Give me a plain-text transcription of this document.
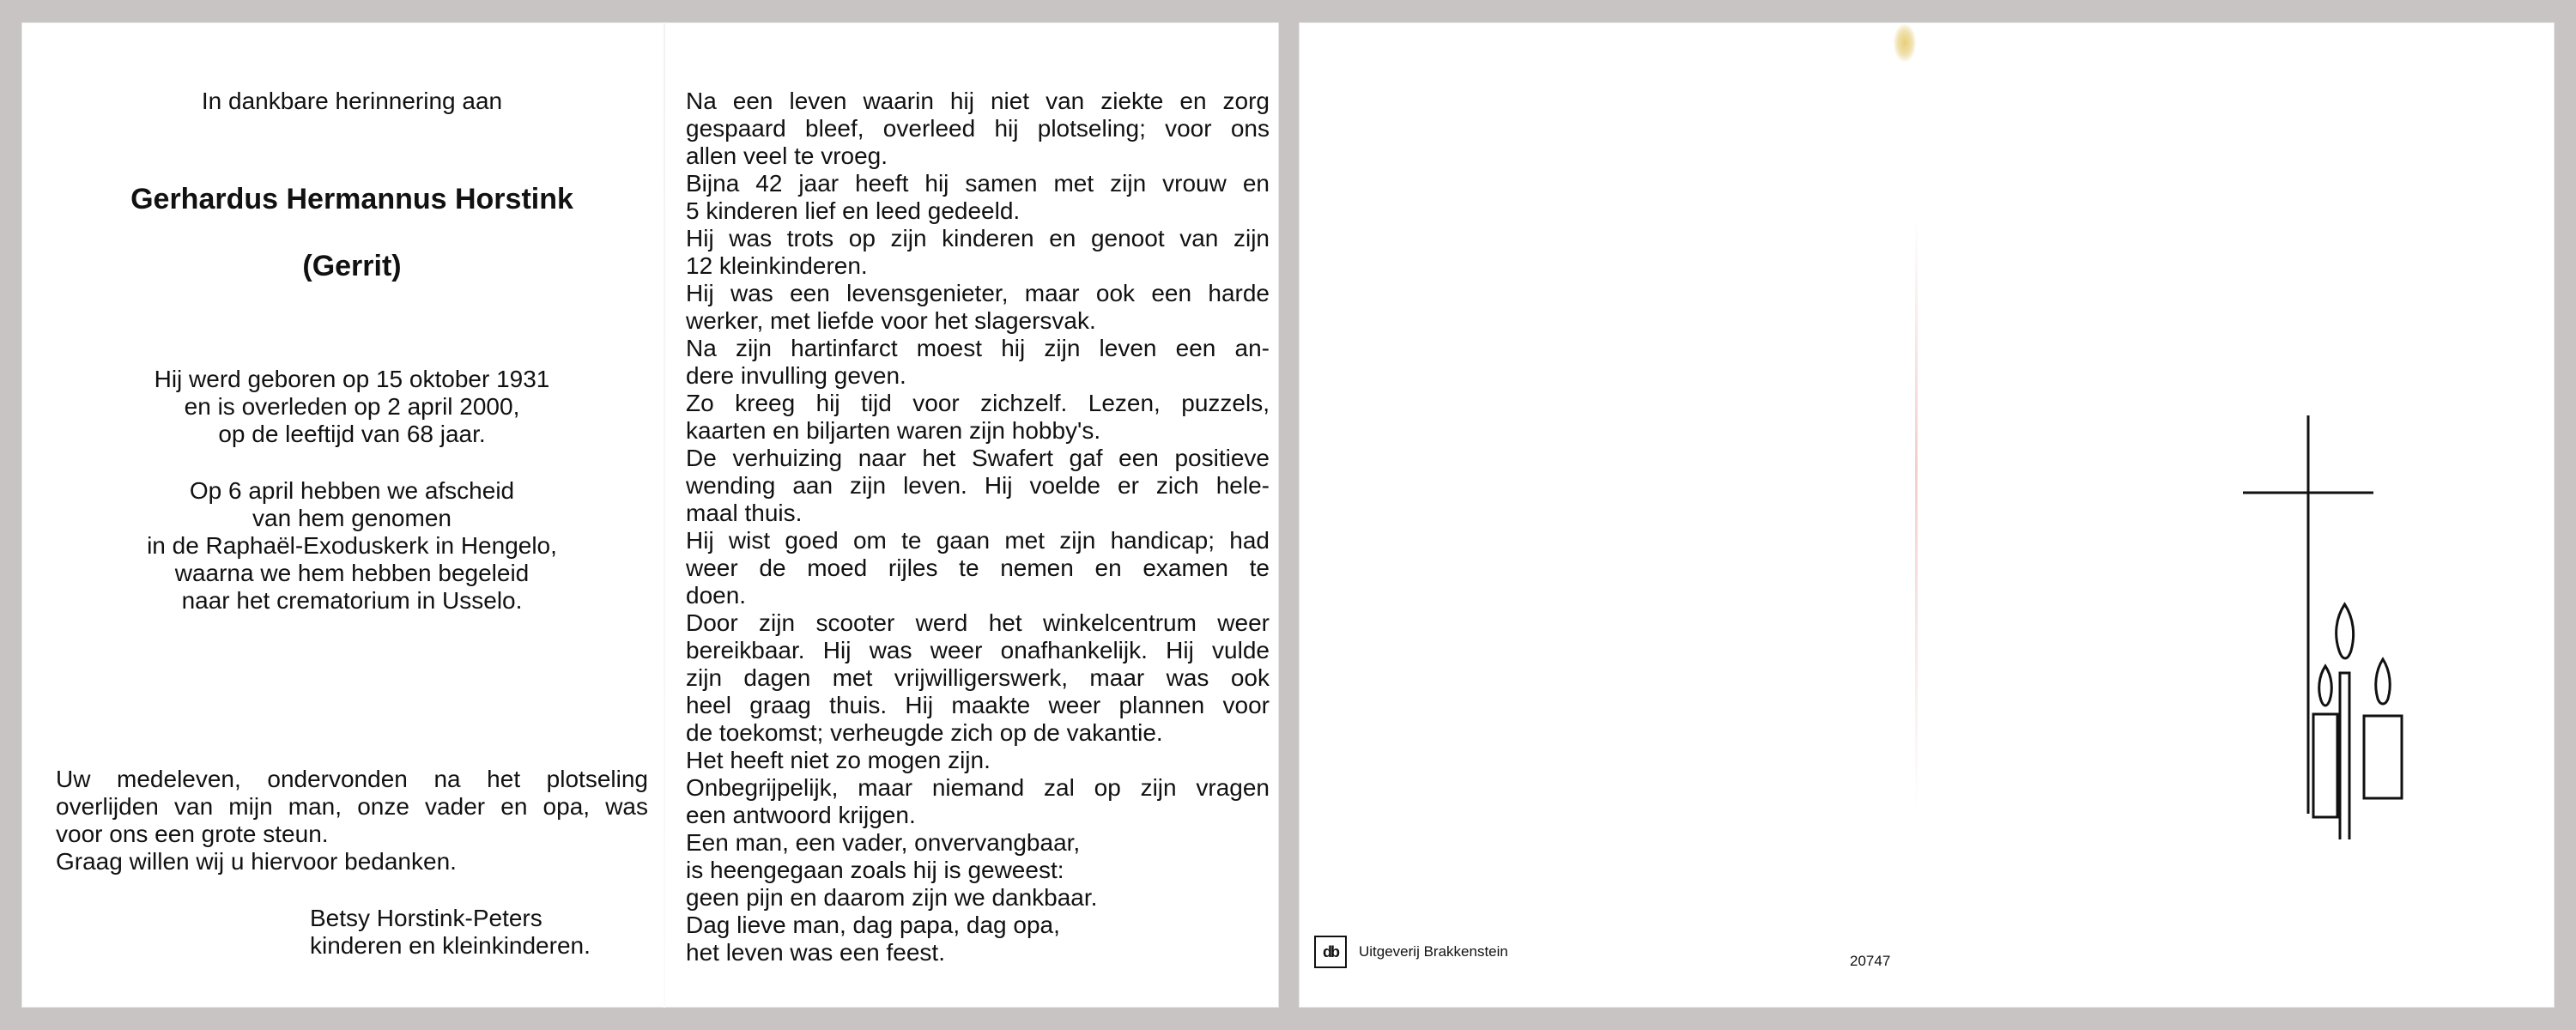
In dankbare herinnering aan
Gerhardus Hermannus Horstink
(Gerrit)
Hij werd geboren op 15 oktober 1931
en is overleden op 2 april 2000,
op de leeftijd van 68 jaar.
Op 6 april hebben we afscheid
van hem genomen
in de Raphaël-Exoduskerk in Hengelo,
waarna we hem hebben begeleid
naar het crematorium in Usselo.
Uw medeleven, ondervonden na het plotseling
overlijden van mijn man, onze vader en opa, was
voor ons een grote steun.
Graag willen wij u hiervoor bedanken.
Betsy Horstink-Peters
kinderen en kleinkinderen.
Na een leven waarin hij niet van ziekte en zorg
gespaard bleef, overleed hij plotseling; voor ons
allen veel te vroeg.
Bijna 42 jaar heeft hij samen met zijn vrouw en
5 kinderen lief en leed gedeeld.
Hij was trots op zijn kinderen en genoot van zijn
12 kleinkinderen.
Hij was een levensgenieter, maar ook een harde
werker, met liefde voor het slagersvak.
Na zijn hartinfarct moest hij zijn leven een an-
dere invulling geven.
Zo kreeg hij tijd voor zichzelf. Lezen, puzzels,
kaarten en biljarten waren zijn hobby's.
De verhuizing naar het Swafert gaf een positieve
wending aan zijn leven. Hij voelde er zich hele-
maal thuis.
Hij wist goed om te gaan met zijn handicap; had
weer de moed rijles te nemen en examen te
doen.
Door zijn scooter werd het winkelcentrum weer
bereikbaar. Hij was weer onafhankelijk. Hij vulde
zijn dagen met vrijwilligerswerk, maar was ook
heel graag thuis. Hij maakte weer plannen voor
de toekomst; verheugde zich op de vakantie.
Het heeft niet zo mogen zijn.
Onbegrijpelijk, maar niemand zal op zijn vragen
een antwoord krijgen.
Een man, een vader, onvervangbaar,
is heengegaan zoals hij is geweest:
geen pijn en daarom zijn we dankbaar.
Dag lieve man, dag papa, dag opa,
het leven was een feest.	db	Uitgeverij Brakkenstein
20747
